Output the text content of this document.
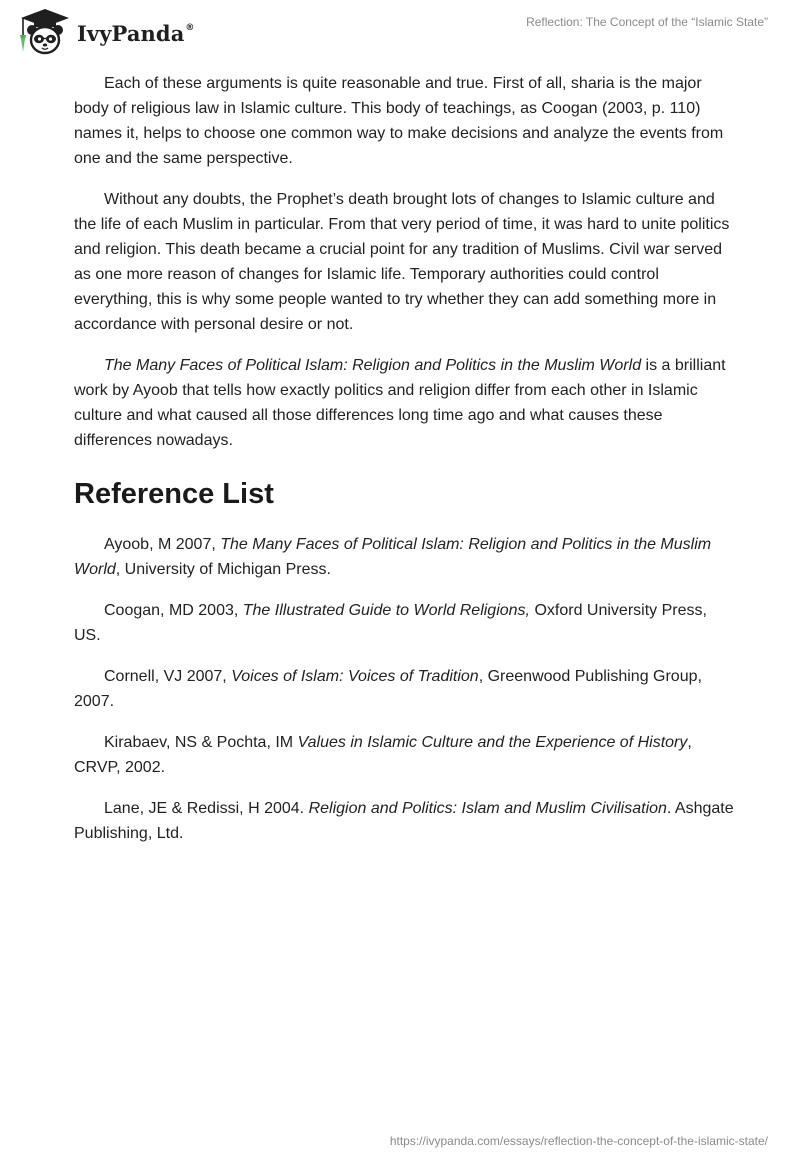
IvyPanda®	Reflection: The Concept of the “Islamic State”

Each of these arguments is quite reasonable and true. First of all, sharia is the major body of religious law in Islamic culture. This body of teachings, as Coogan (2003, p. 110) names it, helps to choose one common way to make decisions and analyze the events from one and the same perspective.

Without any doubts, the Prophet’s death brought lots of changes to Islamic culture and the life of each Muslim in particular. From that very period of time, it was hard to unite politics and religion. This death became a crucial point for any tradition of Muslims. Civil war served as one more reason of changes for Islamic life. Temporary authorities could control everything, this is why some people wanted to try whether they can add something more in accordance with personal desire or not.

The Many Faces of Political Islam: Religion and Politics in the Muslim World is a brilliant work by Ayoob that tells how exactly politics and religion differ from each other in Islamic culture and what caused all those differences long time ago and what causes these differences nowadays.

Reference List

Ayoob, M 2007, The Many Faces of Political Islam: Religion and Politics in the Muslim World, University of Michigan Press.

Coogan, MD 2003, The Illustrated Guide to World Religions, Oxford University Press, US.

Cornell, VJ 2007, Voices of Islam: Voices of Tradition, Greenwood Publishing Group, 2007.

Kirabaev, NS & Pochta, IM Values in Islamic Culture and the Experience of History, CRVP, 2002.

Lane, JE & Redissi, H 2004. Religion and Politics: Islam and Muslim Civilisation. Ashgate Publishing, Ltd.

https://ivypanda.com/essays/reflection-the-concept-of-the-islamic-state/
